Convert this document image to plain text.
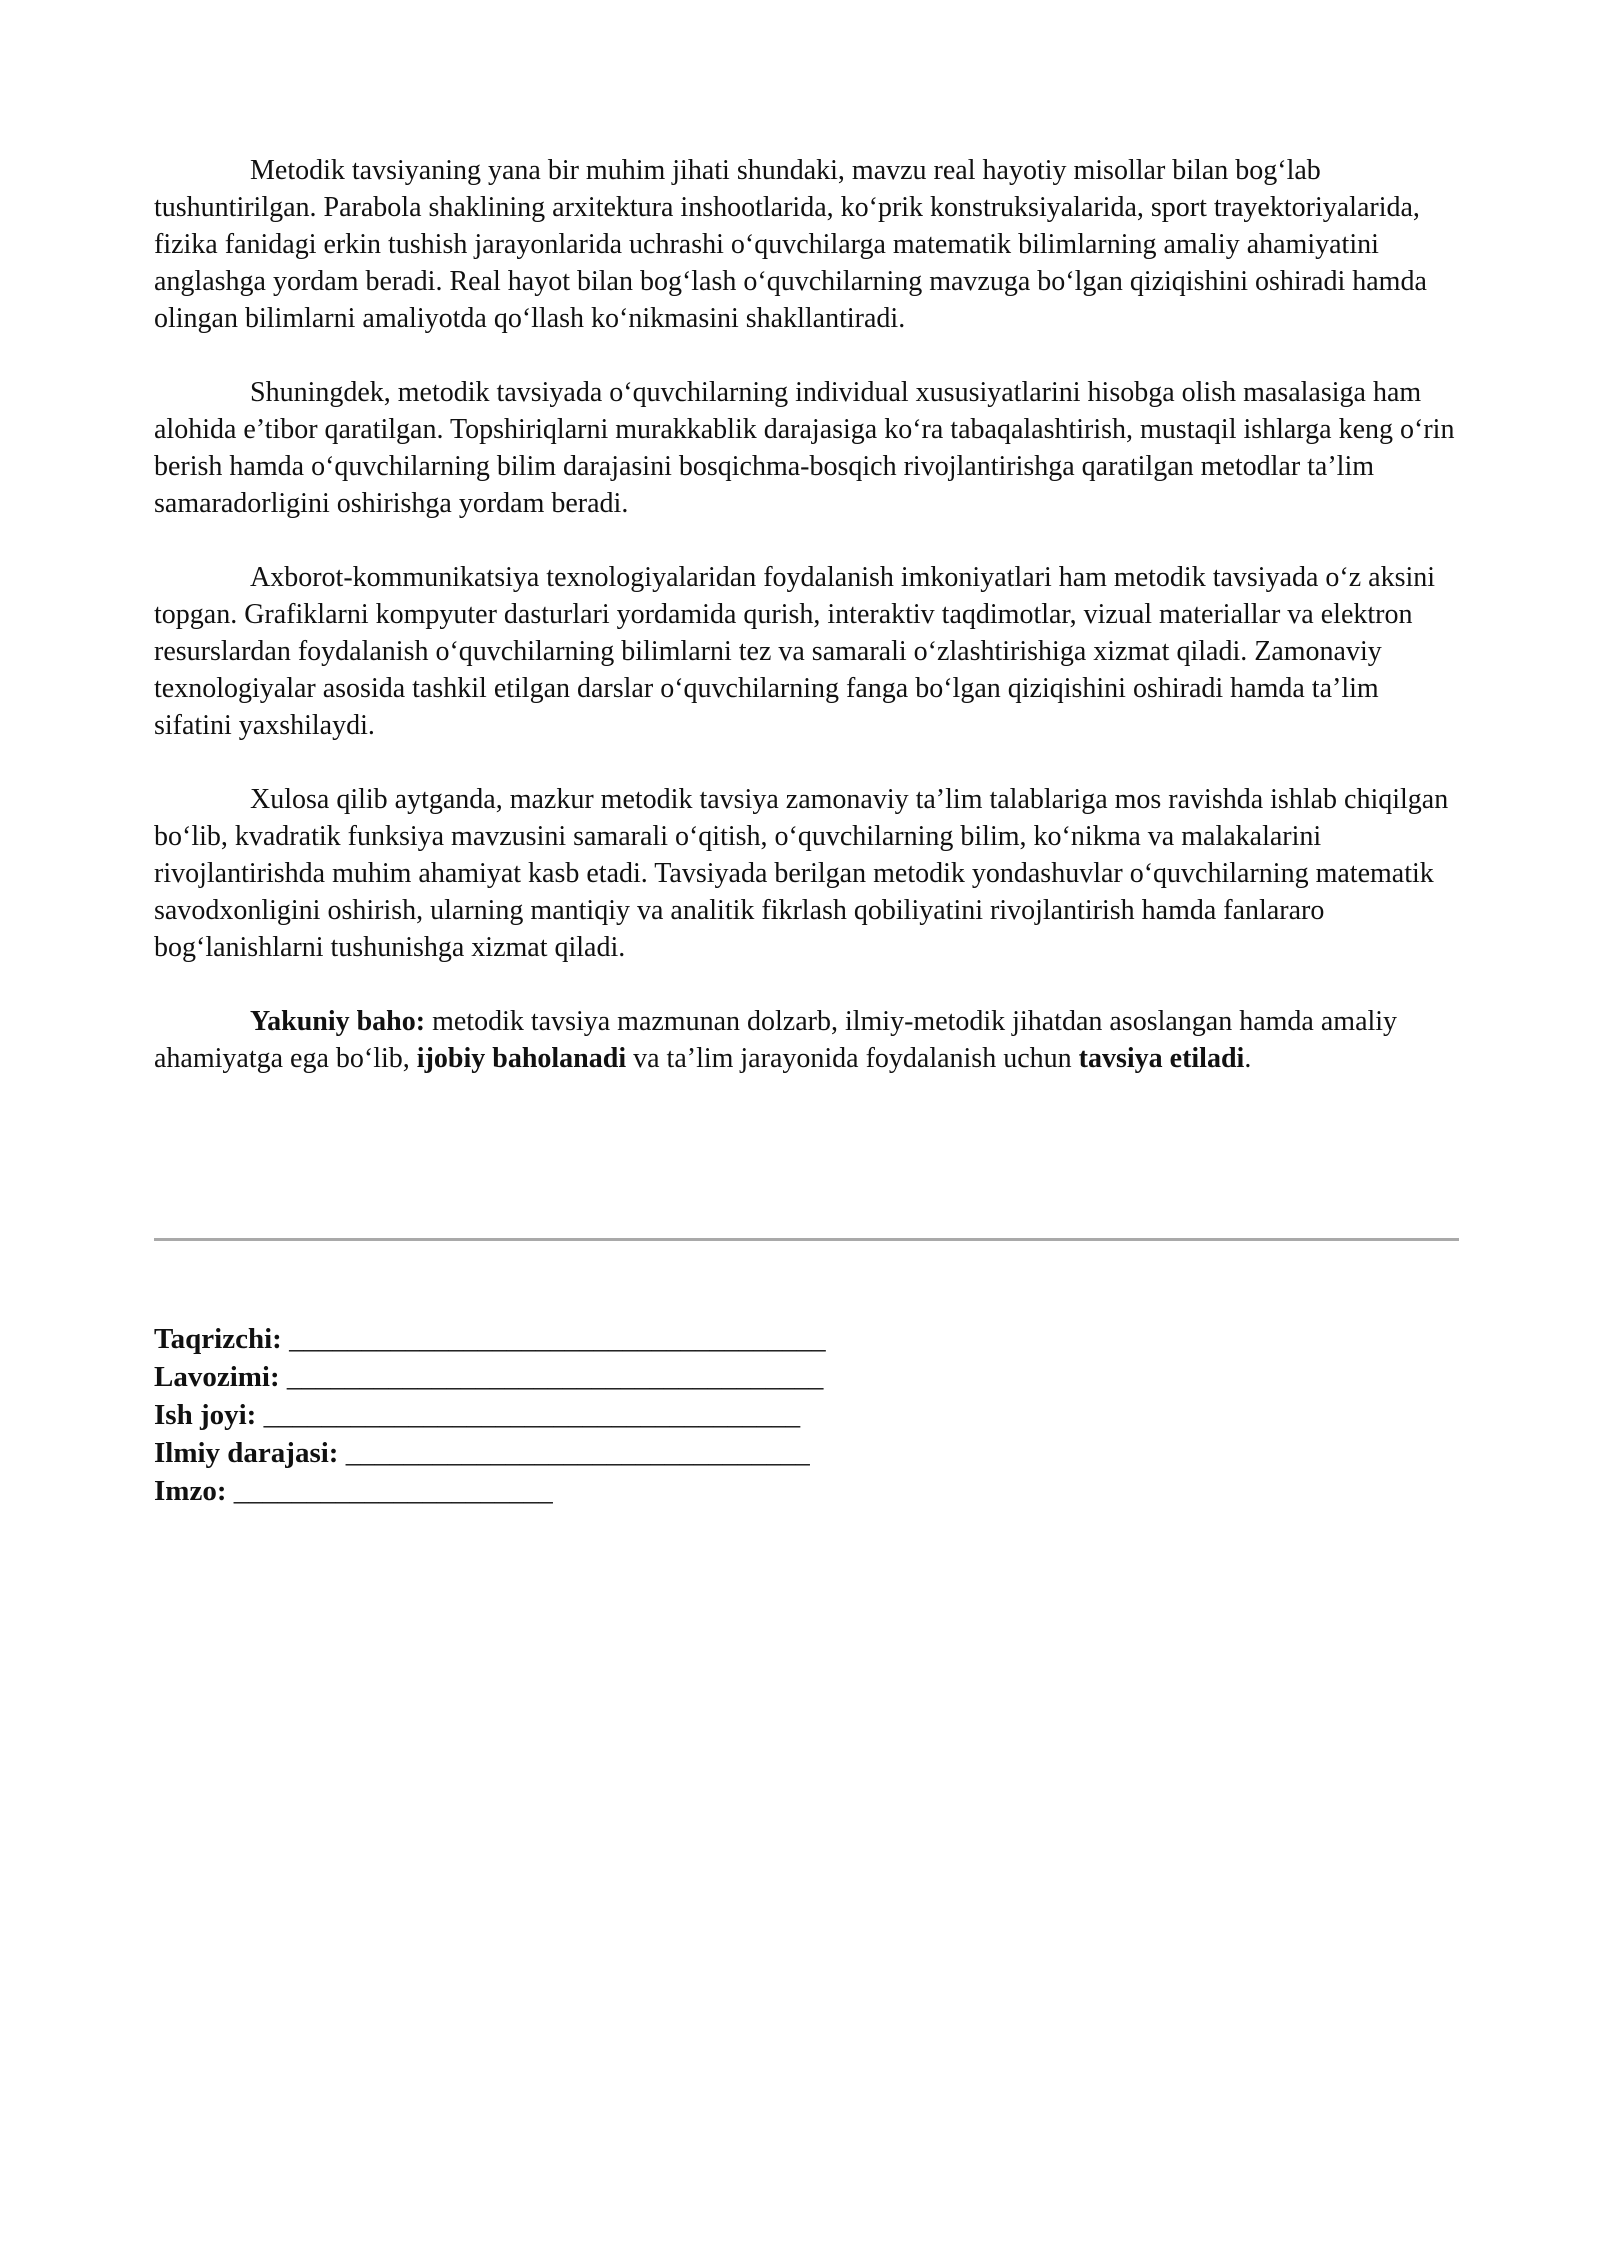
Metodik tavsiyaning yana bir muhim jihati shundaki, mavzu real hayotiy misollar bilan bog‘lab tushuntirilgan. Parabola shaklining arxitektura inshootlarida, ko‘prik konstruksiyalarida, sport trayektoriyalarida, fizika fanidagi erkin tushish jarayonlarida uchrashi o‘quvchilarga matematik bilimlarning amaliy ahamiyatini anglashga yordam beradi. Real hayot bilan bog‘lash o‘quvchilarning mavzuga bo‘lgan qiziqishini oshiradi hamda olingan bilimlarni amaliyotda qo‘llash ko‘nikmasini shakllantiradi.

Shuningdek, metodik tavsiyada o‘quvchilarning individual xususiyatlarini hisobga olish masalasiga ham alohida e’tibor qaratilgan. Topshiriqlarni murakkablik darajasiga ko‘ra tabaqalashtirish, mustaqil ishlarga keng o‘rin berish hamda o‘quvchilarning bilim darajasini bosqichma-bosqich rivojlantirishga qaratilgan metodlar ta’lim samaradorligini oshirishga yordam beradi.

Axborot-kommunikatsiya texnologiyalaridan foydalanish imkoniyatlari ham metodik tavsiyada o‘z aksini topgan. Grafiklarni kompyuter dasturlari yordamida qurish, interaktiv taqdimotlar, vizual materiallar va elektron resurslardan foydalanish o‘quvchilarning bilimlarni tez va samarali o‘zlashtirishiga xizmat qiladi. Zamonaviy texnologiyalar asosida tashkil etilgan darslar o‘quvchilarning fanga bo‘lgan qiziqishini oshiradi hamda ta’lim sifatini yaxshilaydi.

Xulosa qilib aytganda, mazkur metodik tavsiya zamonaviy ta’lim talablariga mos ravishda ishlab chiqilgan bo‘lib, kvadratik funksiya mavzusini samarali o‘qitish, o‘quvchilarning bilim, ko‘nikma va malakalarini rivojlantirishda muhim ahamiyat kasb etadi. Tavsiyada berilgan metodik yondashuvlar o‘quvchilarning matematik savodxonligini oshirish, ularning mantiqiy va analitik fikrlash qobiliyatini rivojlantirish hamda fanlararo bog‘lanishlarni tushunishga xizmat qiladi.

Yakuniy baho: metodik tavsiya mazmunan dolzarb, ilmiy-metodik jihatdan asoslangan hamda amaliy ahamiyatga ega bo‘lib, ijobiy baholanadi va ta’lim jarayonida foydalanish uchun tavsiya etiladi.

Taqrizchi: _____________________________________

Lavozimi: _____________________________________

Ish joyi: _____________________________________

Ilmiy darajasi: ________________________________

Imzo: ______________________
